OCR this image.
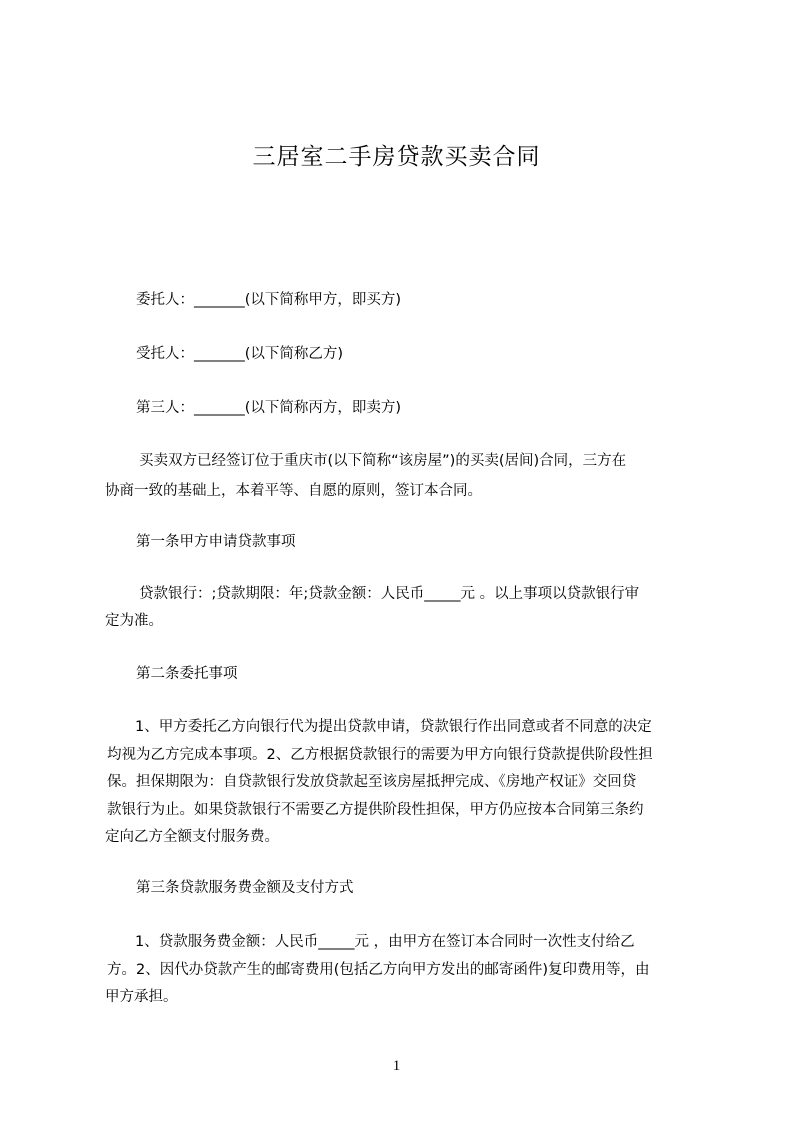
三居室二手房贷款买卖合同
委托人：_______(以下简称甲方，即买方)
受托人：_______(以下简称乙方)
第三人：_______(以下简称丙方，即卖方)
买卖双方已经签订位于重庆市(以下简称“该房屋”)的买卖(居间)合同，三方在
协商一致的基础上，本着平等、自愿的原则，签订本合同。
第一条甲方申请贷款事项
贷款银行：;贷款期限：年;贷款金额：人民币_____元 。以上事项以贷款银行审
定为准。
第二条委托事项
1、甲方委托乙方向银行代为提出贷款申请，贷款银行作出同意或者不同意的决定
均视为乙方完成本事项。2、乙方根据贷款银行的需要为甲方向银行贷款提供阶段性担
保。担保期限为：自贷款银行发放贷款起至该房屋抵押完成、《房地产权证》交回贷
款银行为止。如果贷款银行不需要乙方提供阶段性担保，甲方仍应按本合同第三条约
定向乙方全额支付服务费。
第三条贷款服务费金额及支付方式
1、贷款服务费金额：人民币_____元 ，由甲方在签订本合同时一次性支付给乙
方。2、因代办贷款产生的邮寄费用(包括乙方向甲方发出的邮寄函件)复印费用等，由
甲方承担。
1
